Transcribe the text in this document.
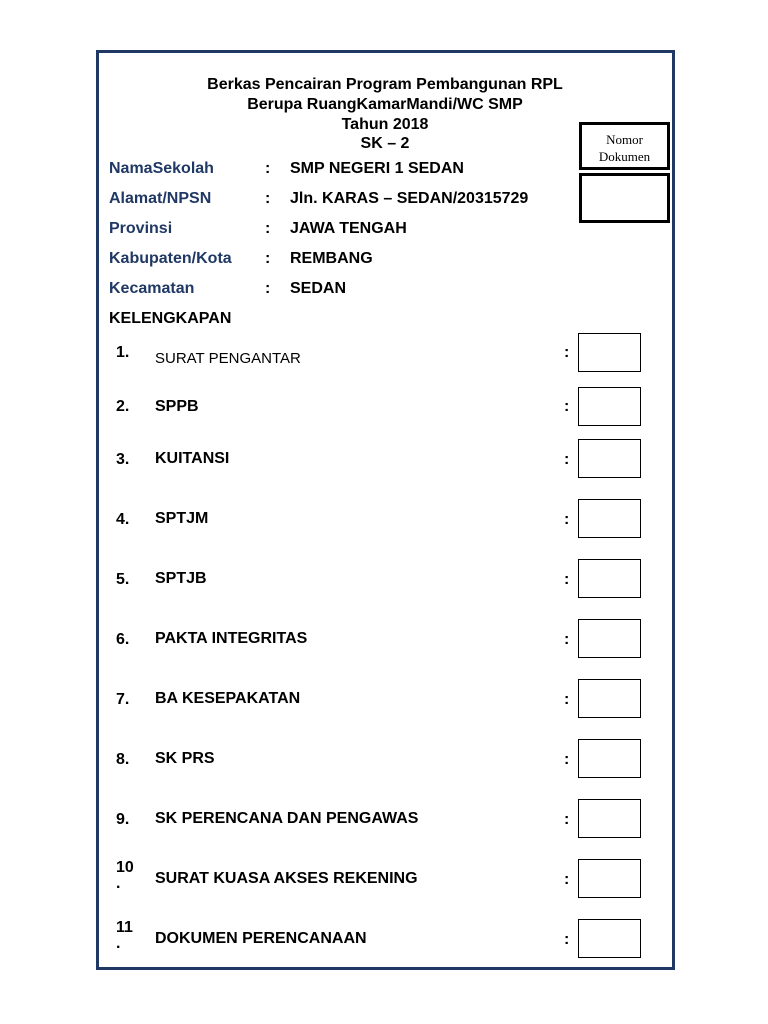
Berkas Pencairan Program Pembangunan RPL
Berupa RuangKamarMandi/WC SMP
Tahun 2018
SK – 2	Nomor
Dokumen
NamaSekolah	: SMP NEGERI 1 SEDAN
Alamat/NPSN	: Jln. KARAS – SEDAN/20315729
Provinsi	: JAWA TENGAH
Kabupaten/Kota : REMBANG
Kecamatan	: SEDAN
KELENGKAPAN
1.	SURAT PENGANTAR	:
2.	SPPB	:
3.	KUITANSI	:
4.	SPTJM	:
5.	SPTJB	:
6.	PAKTA INTEGRITAS	:
7.	BA KESEPAKATAN	:
8.	SK PRS	:
9.	SK PERENCANA DAN PENGAWAS	:
10
.	SURAT KUASA AKSES REKENING	:
11
.	DOKUMEN PERENCANAAN	:
